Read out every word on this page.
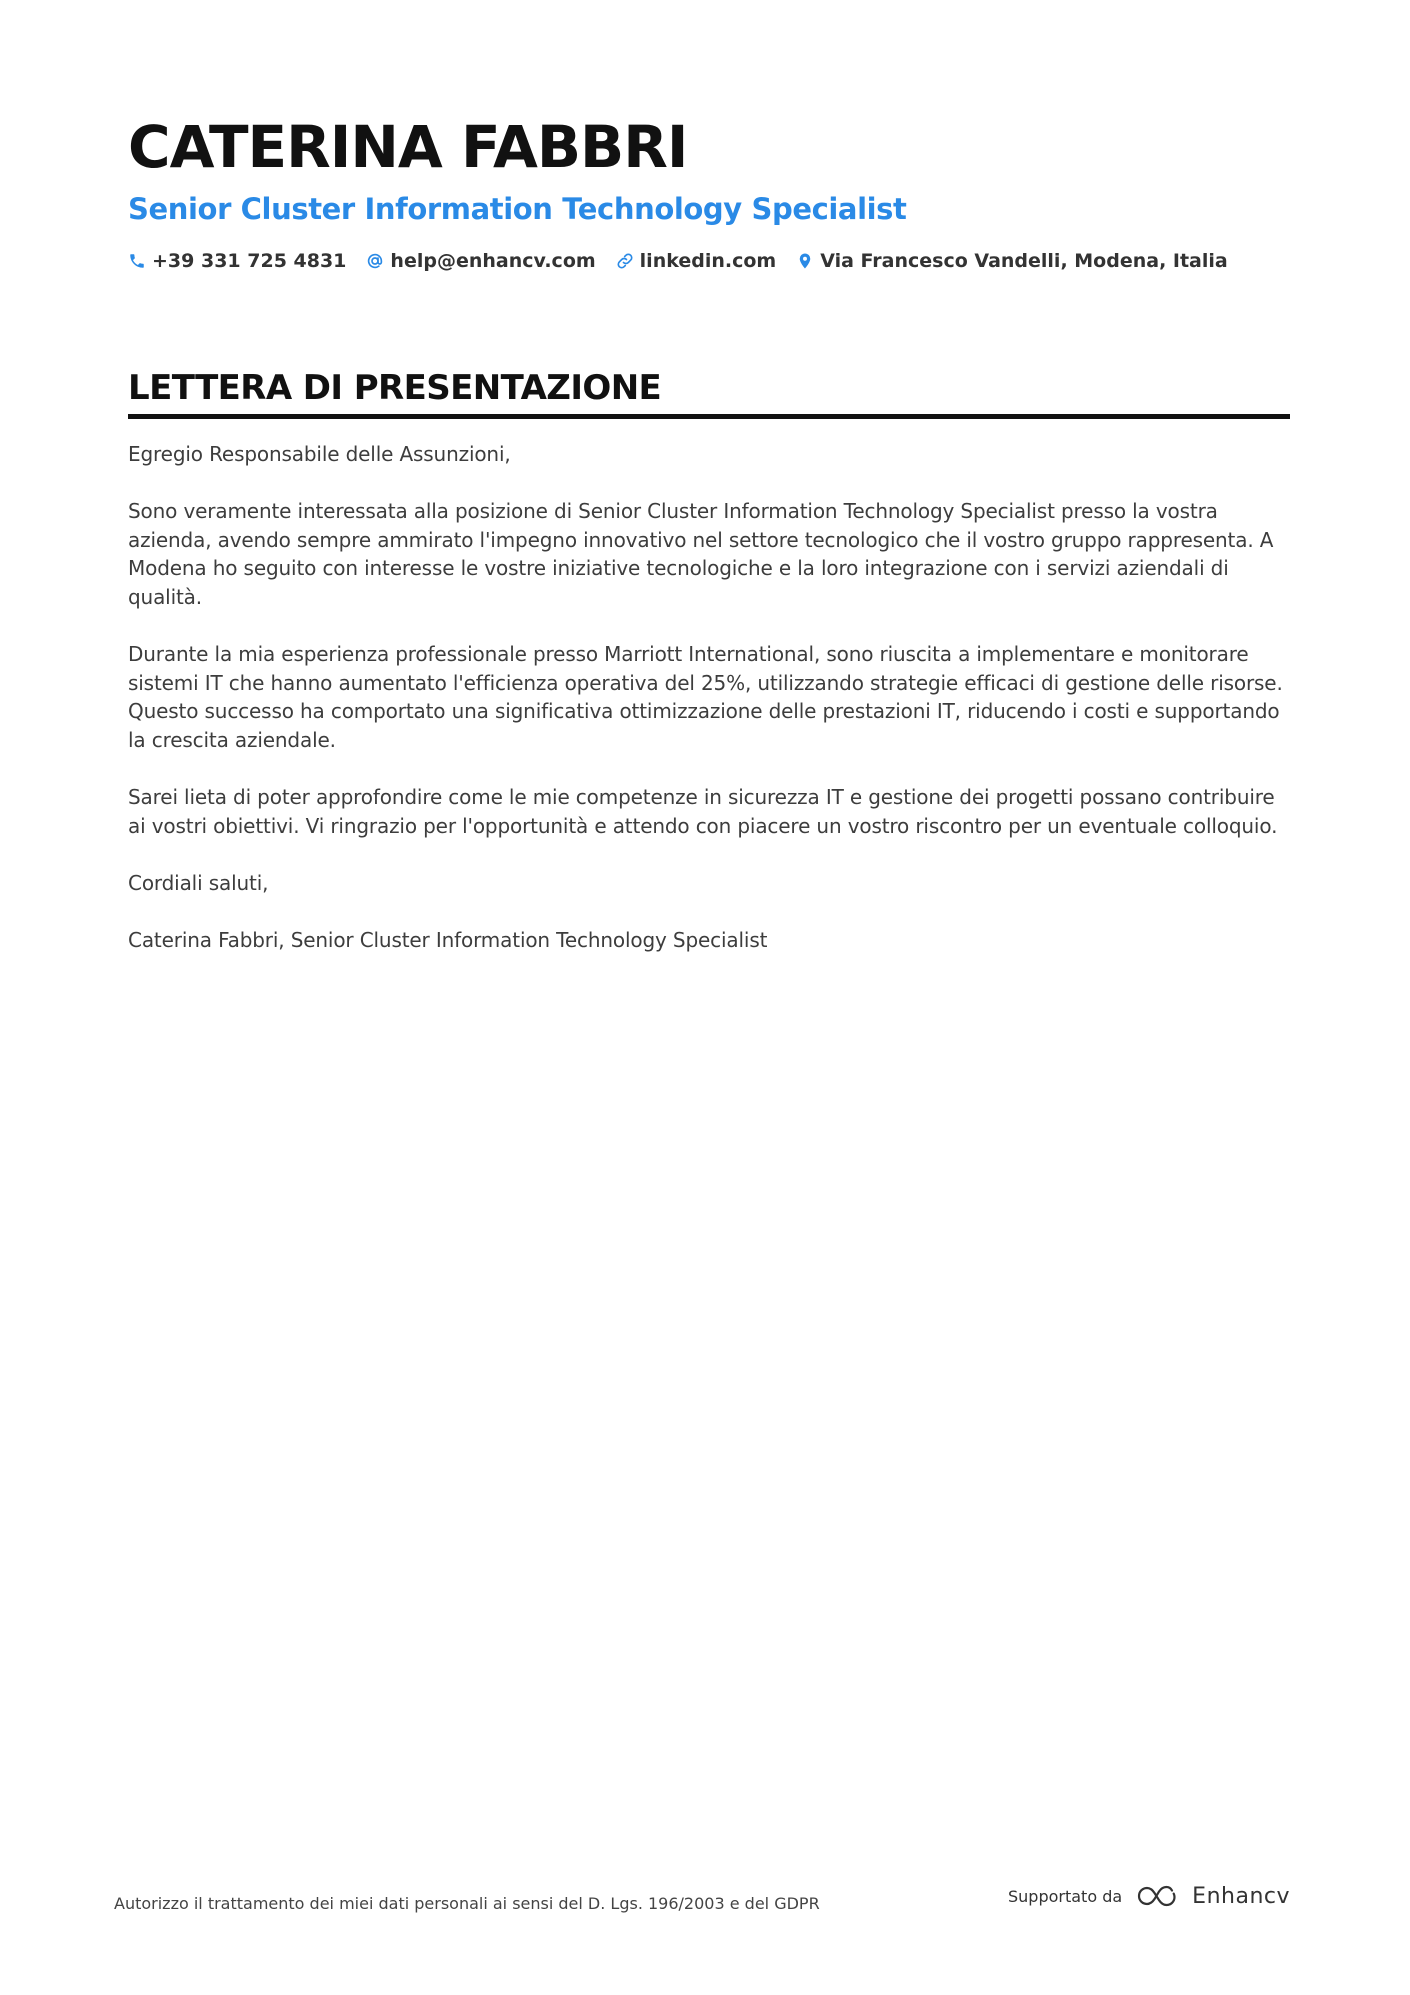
CATERINA FABBRI
Senior Cluster Information Technology Specialist
+39 331 725 4831 help@enhancv.com linkedin.com Via Francesco Vandelli, Modena, Italia
LETTERA DI PRESENTAZIONE

Egregio Responsabile delle Assunzioni,

Sono veramente interessata alla posizione di Senior Cluster Information Technology Specialist presso la vostra azienda, avendo sempre ammirato l'impegno innovativo nel settore tecnologico che il vostro gruppo rappresenta. A Modena ho seguito con interesse le vostre iniziative tecnologiche e la loro integrazione con i servizi aziendali di qualità.

Durante la mia esperienza professionale presso Marriott International, sono riuscita a implementare e monitorare sistemi IT che hanno aumentato l'efficienza operativa del 25%, utilizzando strategie efficaci di gestione delle risorse. Questo successo ha comportato una significativa ottimizzazione delle prestazioni IT, riducendo i costi e supportando la crescita aziendale.

Sarei lieta di poter approfondire come le mie competenze in sicurezza IT e gestione dei progetti possano contribuire ai vostri obiettivi. Vi ringrazio per l'opportunità e attendo con piacere un vostro riscontro per un eventuale colloquio.

Cordiali saluti,

Caterina Fabbri, Senior Cluster Information Technology Specialist

Autorizzo il trattamento dei miei dati personali ai sensi del D. Lgs. 196/2003 e del GDPR	Supportato da	Enhancv
